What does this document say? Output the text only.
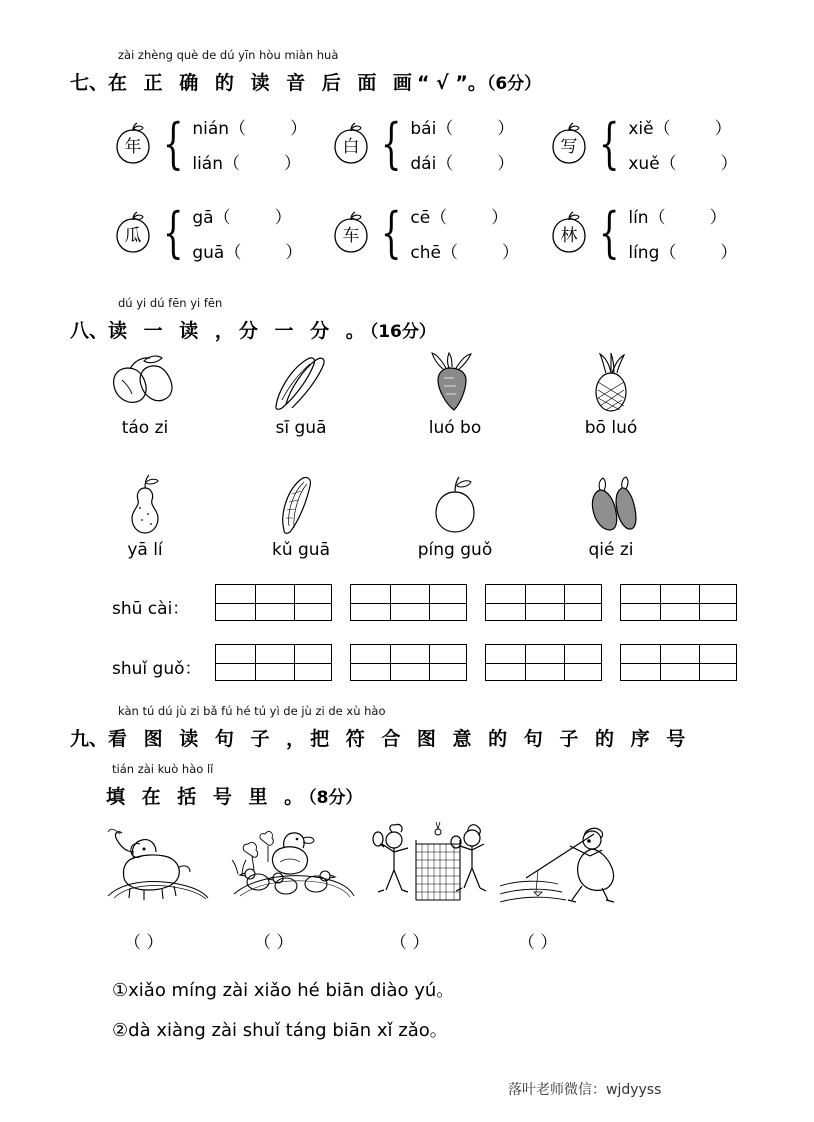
zài zhèng què de dú yīn hòu miàn huà
七、在 正 确 的 读 音 后 面 画“ √ ”。（6分）
年 { nián（	）
lián（	）
白 { bái（	）
dái（	）
写 { xiě（	）
xuě（	）
瓜 { gā（	）
guā（	）
车 { cē（	）
chē（	）
林 { lín（	）
líng（	）
dú yi dú fēn yi fēn
八、读 一 读 ，分 一 分 。（16分）
táo zi	sī guā	luó bo	bō luó
yā lí	kǔ guā	píng guǒ	qié zi
shū cài：
shuǐ guǒ：
kàn tú dú jù zi bǎ fú hé tú yì de jù zi de xù hào
九、看 图 读 句 子 ，把 符 合 图 意 的 句 子 的 序 号
tián zài kuò hào lǐ
填 在 括 号 里 。（8分）
（ ）	（ ）	（ ）	（ ）
①xiǎo míng zài xiǎo hé biān diào yú。
②dà xiàng zài shuǐ táng biān xǐ zǎo。
落叶老师微信：wjdyyss
